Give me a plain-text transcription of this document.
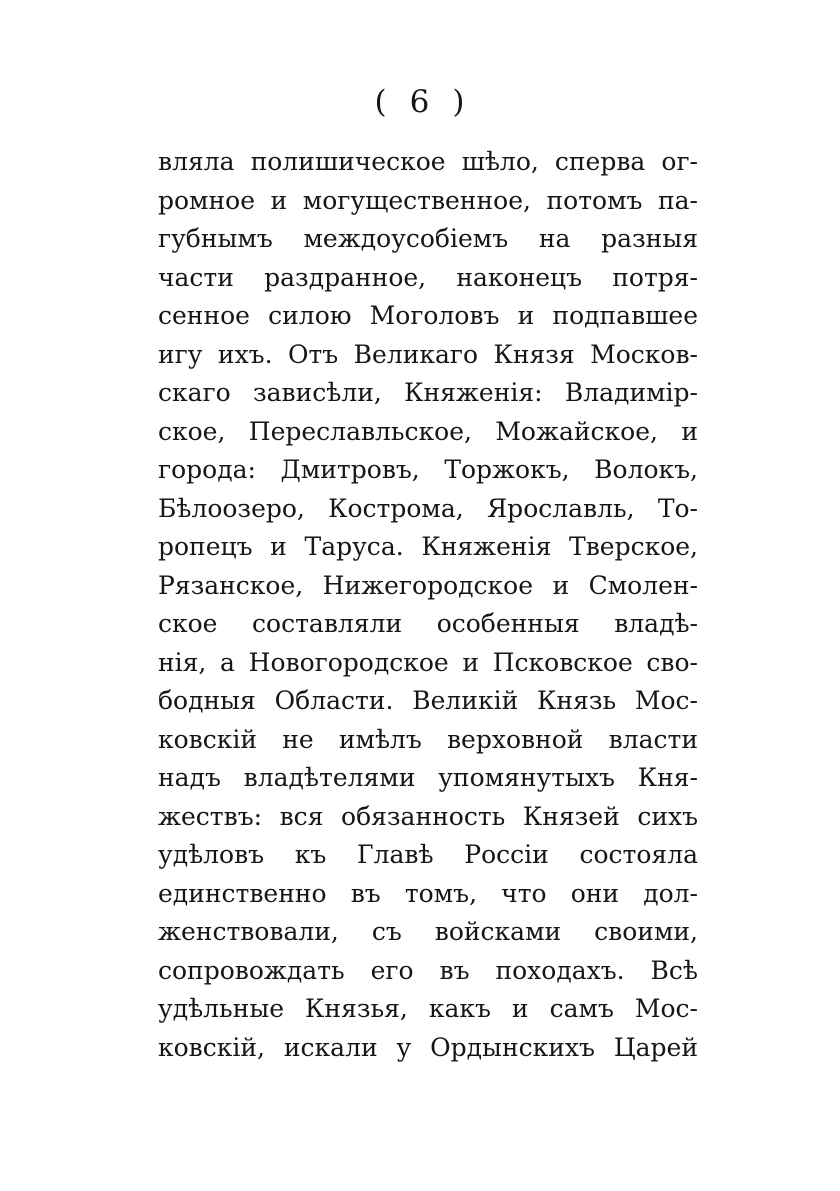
( 6 )
вляла полишическое шѣло, сперва ог-
ромное и могущественное, потомъ па-
губнымъ междоусобіемъ на разныя
части раздранное, наконецъ потря-
сенное силою Моголовъ и подпавшее
игу ихъ. Отъ Великаго Князя Москов-
скаго зависѣли, Княженія: Владимір-
ское, Переславльское, Можайское, и
города: Дмитровъ, Торжокъ, Волокъ,
Бѣлоозеро, Кострома, Ярославль, То-
ропецъ и Таруса. Княженія Тверское,
Рязанское, Нижегородское и Смолен-
ское составляли особенныя владѣ-
нія, а Новогородское и Псковское сво-
бодныя Области. Великій Князь Мос-
ковскій не имѣлъ верховной власти
надъ владѣтелями упомянутыхъ Кня-
жествъ: вся обязанность Князей сихъ
удѣловъ къ Главѣ Россіи состояла
единственно въ томъ, что они дол-
женствовали, съ войсками своими,
сопровождать его въ походахъ. Всѣ
удѣльные Князья, какъ и самъ Мос-
ковскій, искали у Ордынскихъ Царей
